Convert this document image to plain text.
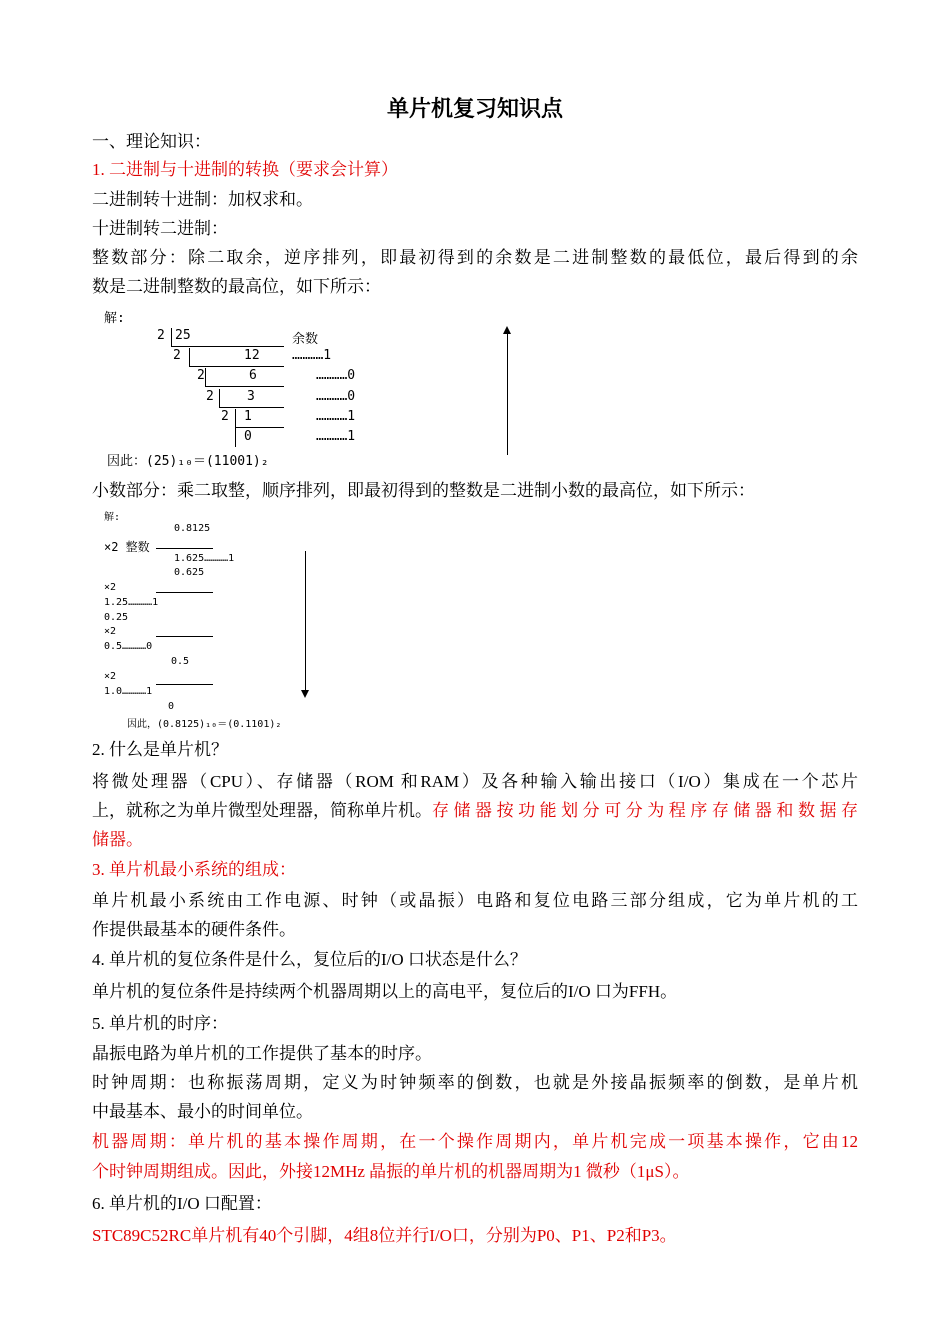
单片机复习知识点
一、理论知识：
1. 二进制与十进制的转换（要求会计算）
二进制转十进制：加权求和。
十进制转二进制：
整数部分：除二取余，逆序排列，即最初得到的余数是二进制整数的最低位，最后得到的余
数是二进制整数的最高位，如下所示：
解:
2 25	余数
2	12 …………1
2	6	…………0
2	3	…………0
2 1	…………1
0	…………1
因此：(25)₁₀＝(11001)₂
小数部分：乘二取整，顺序排列，即最初得到的整数是二进制小数的最高位，如下所示：
解:
0.8125
×2 整数
1.625…………1
0.625
×2
1.25…………1
0.25
×2
0.5…………0
0.5
×2
1.0…………1
0
因此，(0.8125)₁₀＝(0.1101)₂
2. 什么是单片机？
将微处理器（CPU）、存储器（ROM 和RAM）及各种输入输出接口（I/O）集成在一个芯片
上，就称之为单片微型处理器，简称单片机。 存储器按功能划分可分为程序存储器和数据存
储器。
3. 单片机最小系统的组成：
单片机最小系统由工作电源、时钟（或晶振）电路和复位电路三部分组成，它为单片机的工
作提供最基本的硬件条件。
4. 单片机的复位条件是什么，复位后的I/O 口状态是什么？
单片机的复位条件是持续两个机器周期以上的高电平，复位后的I/O 口为FFH。
5. 单片机的时序：
晶振电路为单片机的工作提供了基本的时序。
时钟周期：也称振荡周期，定义为时钟频率的倒数，也就是外接晶振频率的倒数，是单片机
中最基本、最小的时间单位。
机器周期：单片机的基本操作周期，在一个操作周期内，单片机完成一项基本操作，它由12
个时钟周期组成。因此，外接12MHz 晶振的单片机的机器周期为1 微秒（1μS）。
6. 单片机的I/O 口配置：
STC89C52RC单片机有40个引脚，4组8位并行I/O口，分别为P0、P1、P2和P3。
